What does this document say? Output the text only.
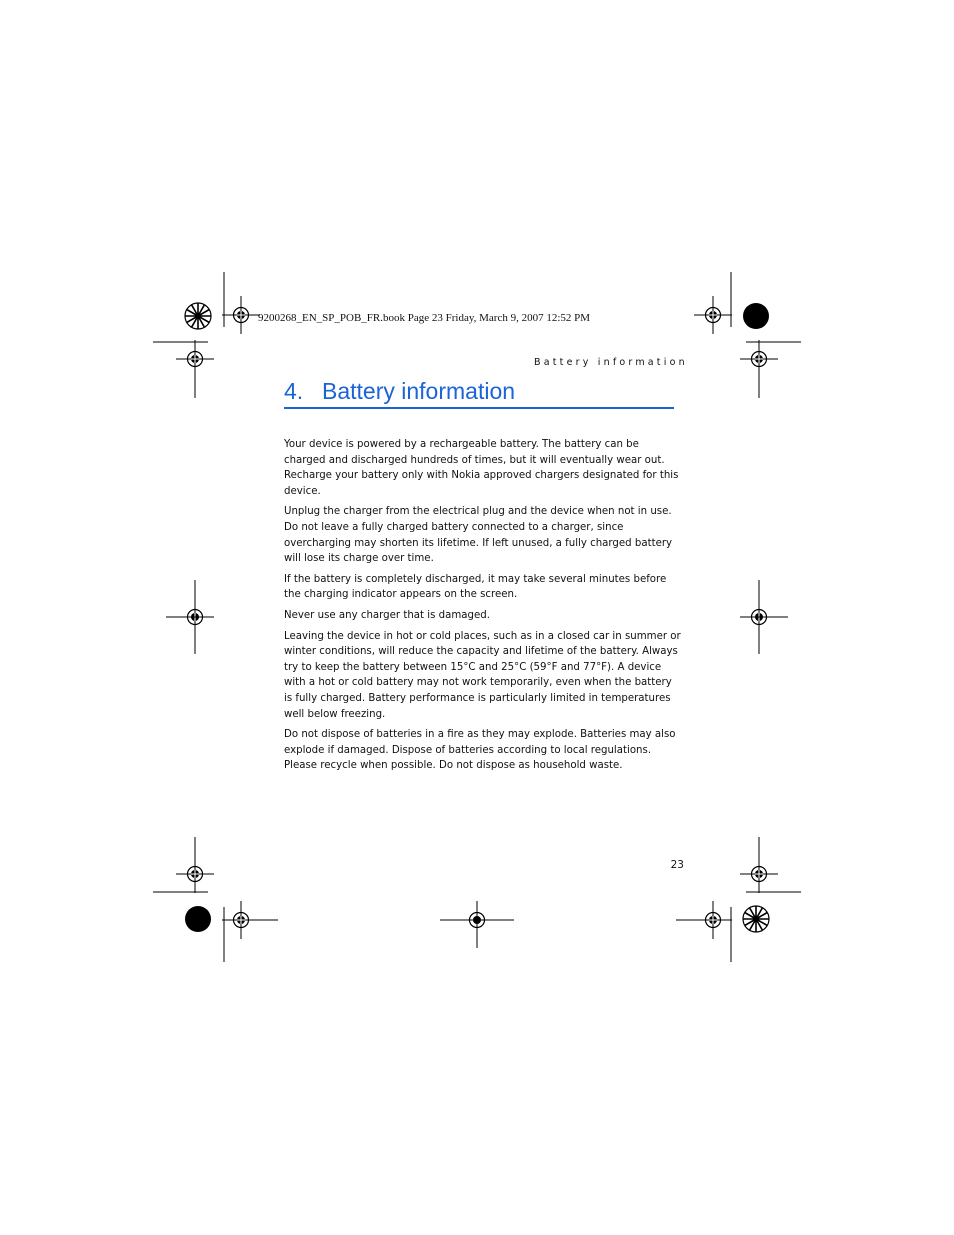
9200268_EN_SP_POB_FR.book Page 23 Friday, March 9, 2007 12:52 PM
Battery information
4. Battery information

Your device is powered by a rechargeable battery. The battery can be charged and discharged hundreds of times, but it will eventually wear out. Recharge your battery only with Nokia approved chargers designated for this device.

Unplug the charger from the electrical plug and the device when not in use. Do not leave a fully charged battery connected to a charger, since overcharging may shorten its lifetime. If left unused, a fully charged battery will lose its charge over time.

If the battery is completely discharged, it may take several minutes before the charging indicator appears on the screen.

Never use any charger that is damaged.

Leaving the device in hot or cold places, such as in a closed car in summer or winter conditions, will reduce the capacity and lifetime of the battery. Always try to keep the battery between 15°C and 25°C (59°F and 77°F). A device with a hot or cold battery may not work temporarily, even when the battery is fully charged. Battery performance is particularly limited in temperatures well below freezing.

Do not dispose of batteries in a fire as they may explode. Batteries may also explode if damaged. Dispose of batteries according to local regulations. Please recycle when possible. Do not dispose as household waste.

23
